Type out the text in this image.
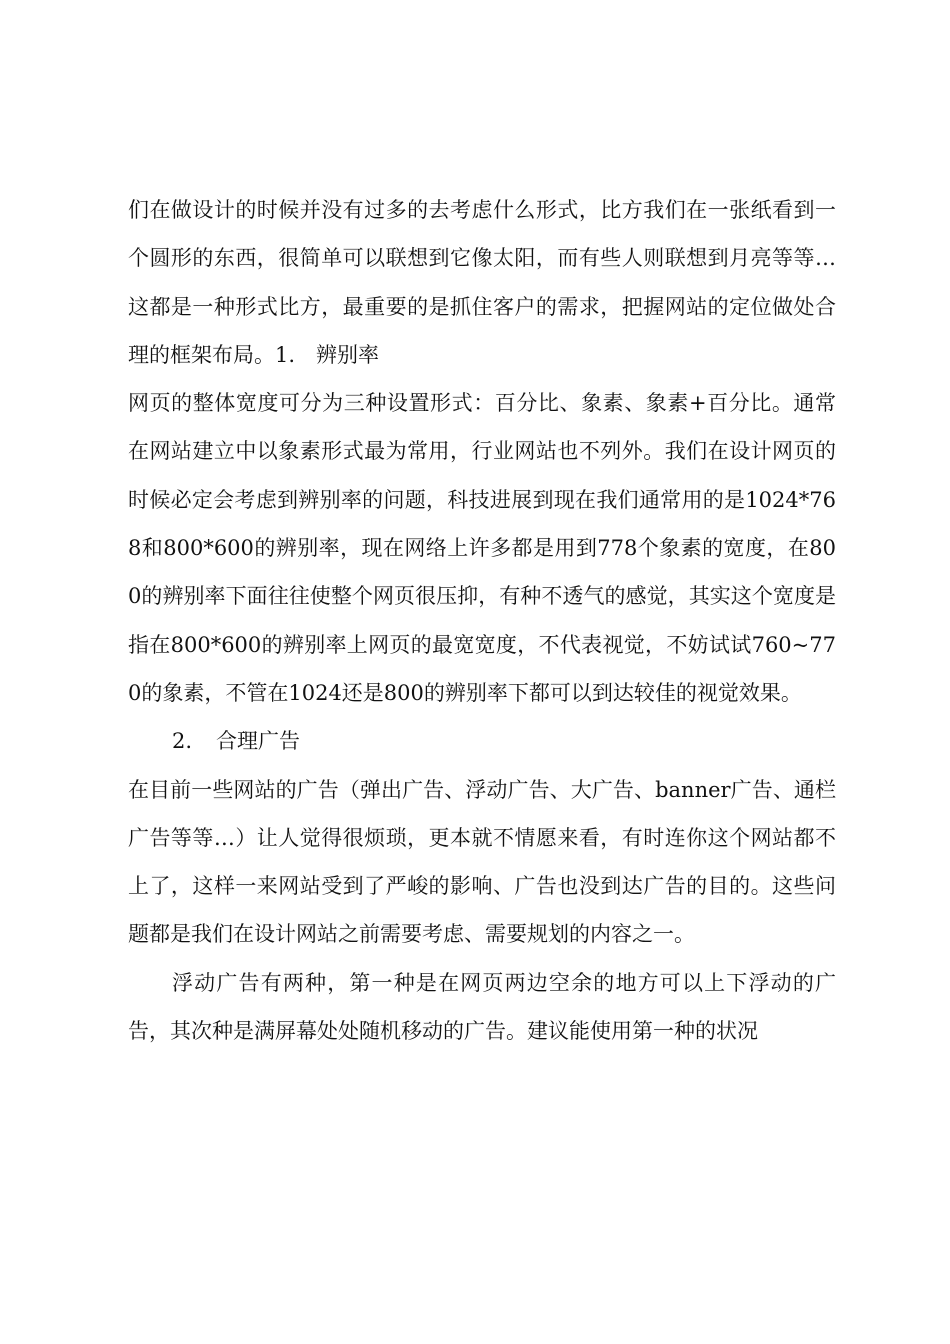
们在做设计的时候并没有过多的去考虑什么形式，比方我们在一张纸看到一个圆形的东西，很简单可以联想到它像太阳，而有些人则联想到月亮等等…这都是一种形式比方，最重要的是抓住客户的需求，把握网站的定位做处合理的框架布局。1.　辨别率

网页的整体宽度可分为三种设置形式：百分比、象素、象素+百分比。通常在网站建立中以象素形式最为常用，行业网站也不列外。我们在设计网页的时候必定会考虑到辨别率的问题，科技进展到现在我们通常用的是1024*768和800*600的辨别率，现在网络上许多都是用到778个象素的宽度，在800的辨别率下面往往使整个网页很压抑，有种不透气的感觉，其实这个宽度是指在800*600的辨别率上网页的最宽宽度，不代表视觉，不妨试试760~770的象素，不管在1024还是800的辨别率下都可以到达较佳的视觉效果。

2. 合理广告

在目前一些网站的广告（弹出广告、浮动广告、大广告、banner广告、通栏广告等等…）让人觉得很烦琐，更本就不情愿来看，有时连你这个网站都不上了，这样一来网站受到了严峻的影响、广告也没到达广告的目的。这些问题都是我们在设计网站之前需要考虑、需要规划的内容之一。

浮动广告有两种，第一种是在网页两边空余的地方可以上下浮动的广告，其次种是满屏幕处处随机移动的广告。建议能使用第一种的状况
